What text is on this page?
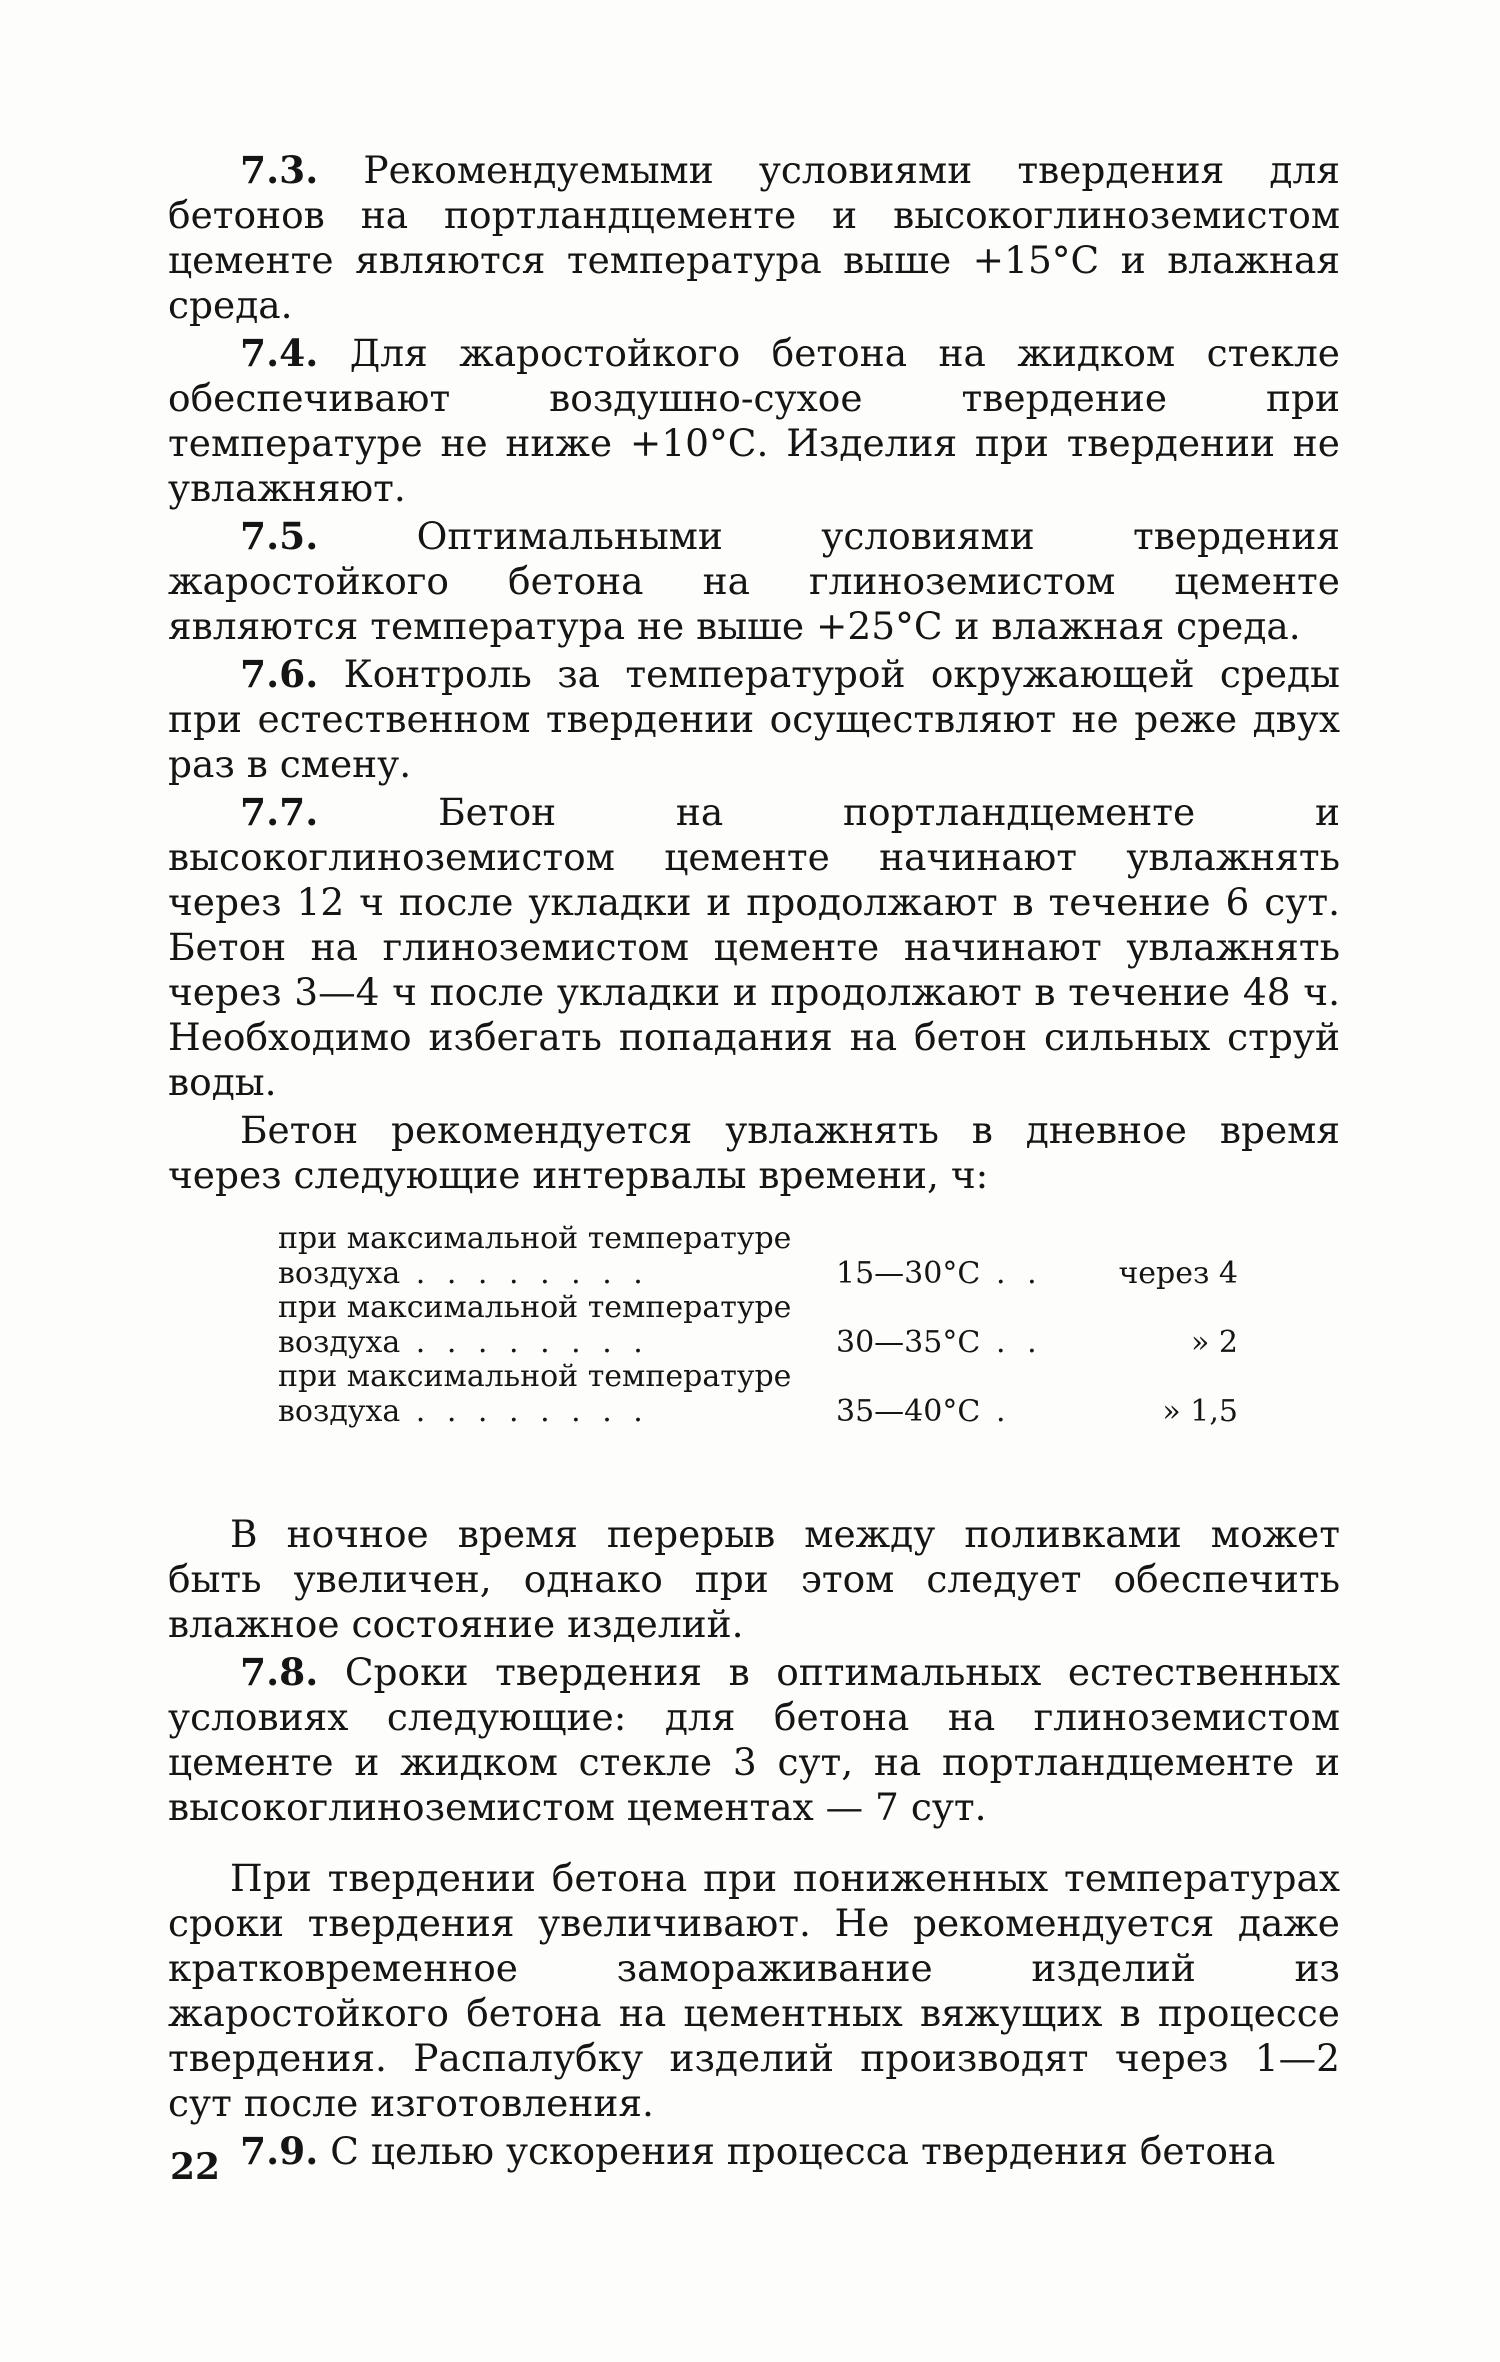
7.3. Рекомендуемыми условиями твердения для бетонов на портландцементе и высокоглиноземистом цементе являются температура выше +15°С и влажная среда.

7.4. Для жаростойкого бетона на жидком стекле обеспечивают воздушно-сухое твердение при температуре не ниже +10°С. Изделия при твердении не увлажняют.

7.5. Оптимальными условиями твердения жаростойкого бетона на глиноземистом цементе являются температура не выше +25°С и влажная среда.

7.6. Контроль за температурой окружающей среды при естественном твердении осуществляют не реже двух раз в смену.

7.7. Бетон на портландцементе и высокоглиноземистом цементе начинают увлажнять через 12 ч после укладки и продолжают в течение 6 сут. Бетон на глиноземистом цементе начинают увлажнять через 3—4 ч после укладки и продолжают в течение 48 ч. Необходимо избегать попадания на бетон сильных струй воды.

Бетон рекомендуется увлажнять в дневное время через следующие интервалы времени, ч:

при максимальной температуре
воздуха . . . . . . . .	15—30°С . .	через 4
при максимальной температуре
воздуха . . . . . . . .	30—35°С . .	» 2
при максимальной температуре
воздуха . . . . . . . .	35—40°С .	» 1,5

В ночное время перерыв между поливками может быть увеличен, однако при этом следует обеспечить влажное состояние изделий.

7.8. Сроки твердения в оптимальных естественных условиях следующие: для бетона на глиноземистом цементе и жидком стекле 3 сут, на портландцементе и высокоглиноземистом цементах — 7 сут.

При твердении бетона при пониженных температурах сроки твердения увеличивают. Не рекомендуется даже кратковременное замораживание изделий из жаростойкого бетона на цементных вяжущих в процессе твердения. Распалубку изделий производят через 1—2 сут после изготовления.

7.9. С целью ускорения процесса твердения бетона

22
